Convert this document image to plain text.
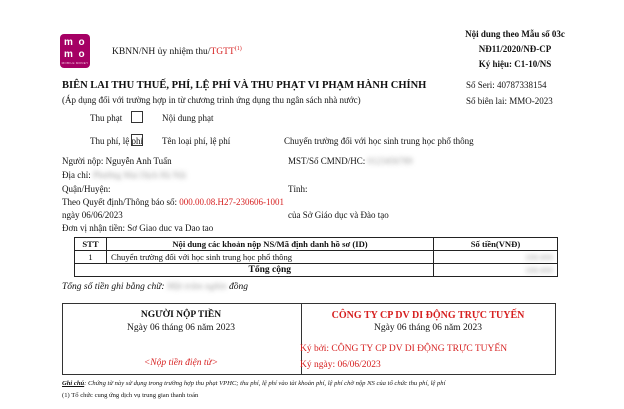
m o
m o
MOBILE MONEY
KBNN/NH ủy nhiệm thu/TGTT$^{(1)}$
Nội dung theo Mẫu số 03c
NĐ11/2020/NĐ-CP
Ký hiệu: C1-10/NS
BIÊN LAI THU THUẾ, PHÍ, LỆ PHÍ VÀ THU PHẠT VI PHẠM HÀNH CHÍNH
(Áp dụng đối với trường hợp in từ chương trình ứng dụng thu ngân sách nhà nước)
Số Seri: 40787338154
Số biên lai: MMO-2023
Thu phạt	Nội dung phạt
Thu phí, lệ phí Tên loại phí, lệ phí	Chuyển trường đối với học sinh trung học phổ thông
Người nộp: Nguyễn Anh Tuấn	MST/Số CMND/HC: 0123456789
Địa chỉ: Phường Mai Dịch Hà Nội
Quận/Huyện:	Tỉnh:
Theo Quyết định/Thông báo số: 000.00.08.H27-230606-1001
ngày 06/06/2023	của Sở Giáo dục và Đào tạo
Đơn vị nhận tiền: Sơ Giao duc va Dao tao
STT	Nội dung các khoản nộp NS/Mã định danh hồ sơ (ID)	Số tiền(VNĐ)
1	Chuyển trường đối với học sinh trung học phổ thông	100.000
	Tổng cộng	100.000
Tổng số tiền ghi bằng chữ: Một trăm nghìn đồng
NGƯỜI NỘP TIỀN
Ngày 06 tháng 06 năm 2023
<Nộp tiền điện tử>
CÔNG TY CP DV DI ĐỘNG TRỰC TUYẾN
Ngày 06 tháng 06 năm 2023
Ký bởi: CÔNG TY CP DV DI ĐỘNG TRỰC TUYẾN
Ký ngày: 06/06/2023
Ghi chú: Chứng từ này sử dụng trong trường hợp thu phạt VPHC; thu phí, lệ phí vào tài khoản phí, lệ phí chờ nộp NS của tổ chức thu phí, lệ phí
(1) Tổ chức cung ứng dịch vụ trung gian thanh toán
